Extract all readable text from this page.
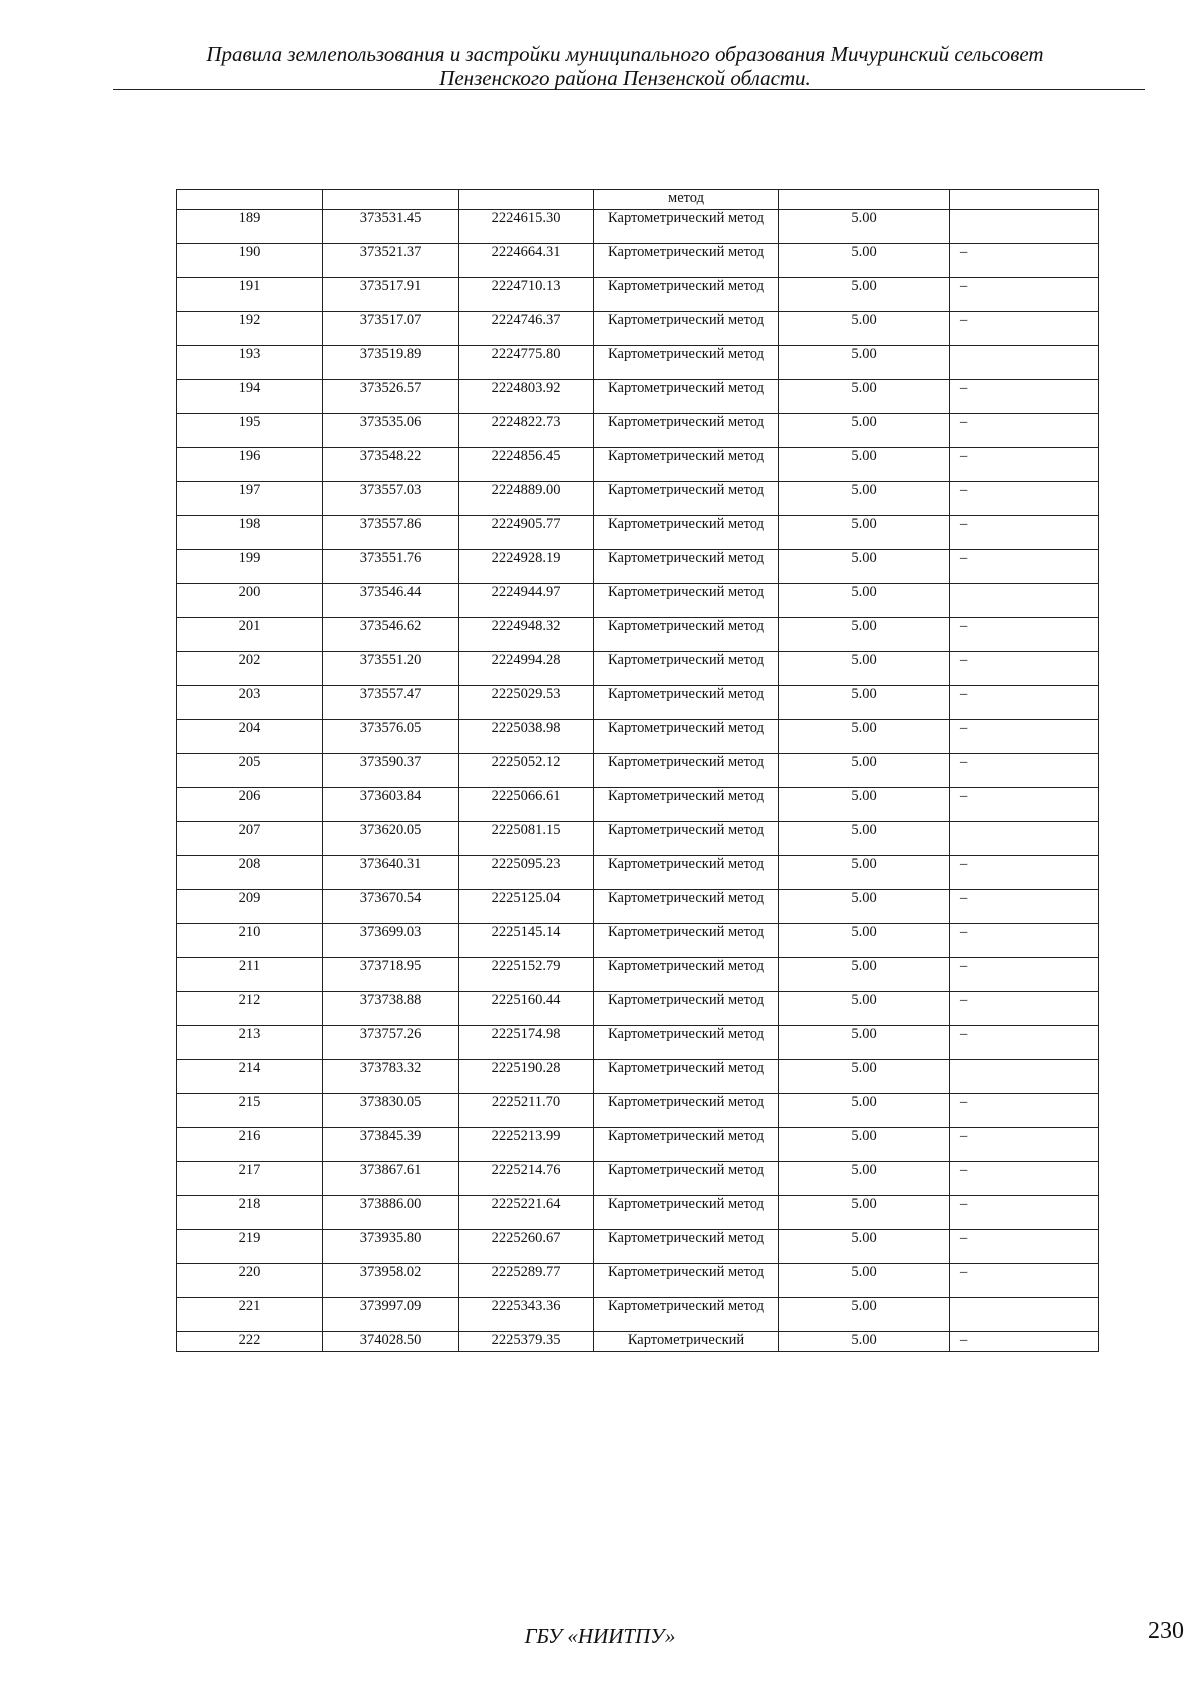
Правила землепользования и застройки муниципального образования Мичуринский сельсовет
Пензенского района Пензенской области.
			метод		
189	373531.45	2224615.30	Картометрический метод	5.00	
190	373521.37	2224664.31	Картометрический метод	5.00	–
191	373517.91	2224710.13	Картометрический метод	5.00	–
192	373517.07	2224746.37	Картометрический метод	5.00	–
193	373519.89	2224775.80	Картометрический метод	5.00	
194	373526.57	2224803.92	Картометрический метод	5.00	–
195	373535.06	2224822.73	Картометрический метод	5.00	–
196	373548.22	2224856.45	Картометрический метод	5.00	–
197	373557.03	2224889.00	Картометрический метод	5.00	–
198	373557.86	2224905.77	Картометрический метод	5.00	–
199	373551.76	2224928.19	Картометрический метод	5.00	–
200	373546.44	2224944.97	Картометрический метод	5.00	
201	373546.62	2224948.32	Картометрический метод	5.00	–
202	373551.20	2224994.28	Картометрический метод	5.00	–
203	373557.47	2225029.53	Картометрический метод	5.00	–
204	373576.05	2225038.98	Картометрический метод	5.00	–
205	373590.37	2225052.12	Картометрический метод	5.00	–
206	373603.84	2225066.61	Картометрический метод	5.00	–
207	373620.05	2225081.15	Картометрический метод	5.00	
208	373640.31	2225095.23	Картометрический метод	5.00	–
209	373670.54	2225125.04	Картометрический метод	5.00	–
210	373699.03	2225145.14	Картометрический метод	5.00	–
211	373718.95	2225152.79	Картометрический метод	5.00	–
212	373738.88	2225160.44	Картометрический метод	5.00	–
213	373757.26	2225174.98	Картометрический метод	5.00	–
214	373783.32	2225190.28	Картометрический метод	5.00	
215	373830.05	2225211.70	Картометрический метод	5.00	–
216	373845.39	2225213.99	Картометрический метод	5.00	–
217	373867.61	2225214.76	Картометрический метод	5.00	–
218	373886.00	2225221.64	Картометрический метод	5.00	–
219	373935.80	2225260.67	Картометрический метод	5.00	–
220	373958.02	2225289.77	Картометрический метод	5.00	–
221	373997.09	2225343.36	Картометрический метод	5.00	
222	374028.50	2225379.35	Картометрический	5.00	–
ГБУ «НИИТПУ»	230
